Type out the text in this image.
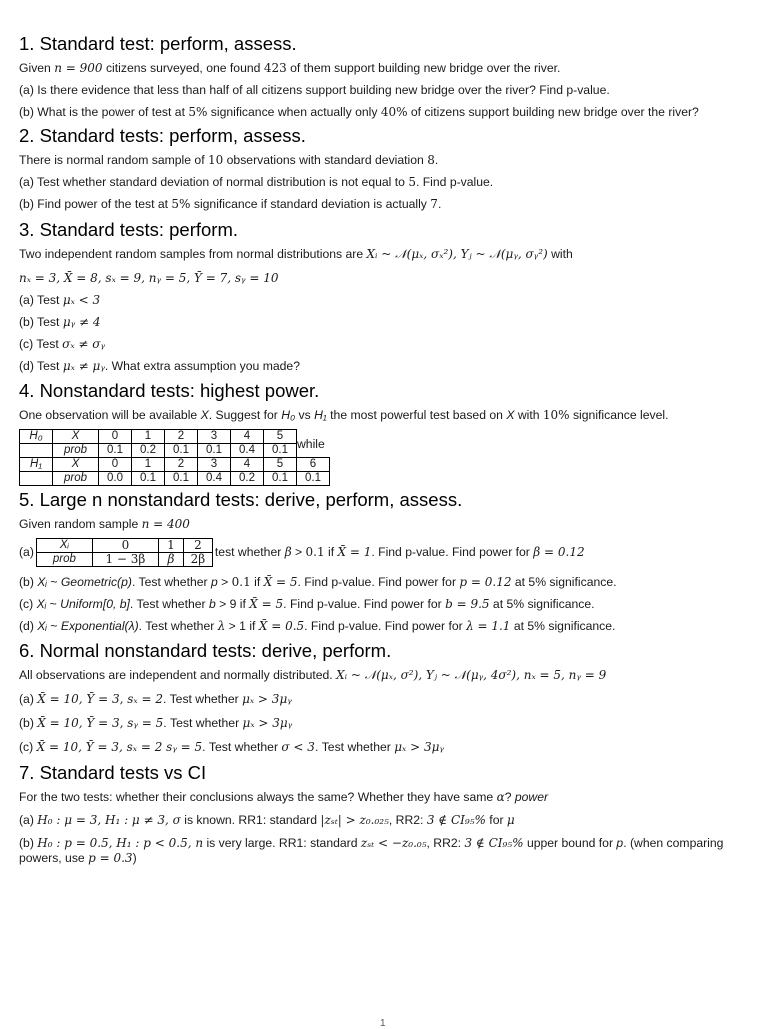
1. Standard test: perform, assess.
Given n = 900 citizens surveyed, one found 423 of them support building new bridge over the river.
(a) Is there evidence that less than half of all citizens support building new bridge over the river? Find p-value.
(b) What is the power of test at 5% significance when actually only 40% of citizens support building new bridge over the river?
2. Standard tests: perform, assess.
There is normal random sample of 10 observations with standard deviation 8.
(a) Test whether standard deviation of normal distribution is not equal to 5. Find p-value.
(b) Find power of the test at 5% significance if standard deviation is actually 7.
3. Standard tests: perform.
Two independent random samples from normal distributions are Xᵢ ~ 𝒩(μₓ, σₓ²), Yⱼ ~ 𝒩(μᵧ, σᵧ²) with
nₓ = 3, X̄ = 8, sₓ = 9, nᵧ = 5, Ȳ = 7, sᵧ = 10
(a) Test μₓ < 3
(b) Test μᵧ ≠ 4
(c) Test σₓ ≠ σᵧ
(d) Test μₓ ≠ μᵧ. What extra assumption you made?
4. Nonstandard tests: highest power.
One observation will be available X. Suggest for H₀ vs H₁ the most powerful test based on X with 10% significance level.
H₀	X	0	1	2	3	4	5
	prob	0.1	0.2	0.1	0.1	0.4	0.1
H₁	X	0	1	2	3	4	5	6
	prob	0.0	0.1	0.1	0.4	0.2	0.1	0.1
while
5. Large n nonstandard tests: derive, perform, assess.
Given random sample n = 400
(a) Xᵢ	0	1	2
prob	1 − 3β	β	2β test whether β > 0.1 if X̄ = 1. Find p-value. Find power for β = 0.12
(b) Xᵢ ~ Geometric(p). Test whether p > 0.1 if X̄ = 5. Find p-value. Find power for p = 0.12 at 5% significance.
(c) Xᵢ ~ Uniform[0, b]. Test whether b > 9 if X̄ = 5. Find p-value. Find power for b = 9.5 at 5% significance.
(d) Xᵢ ~ Exponential(λ). Test whether λ > 1 if X̄ = 0.5. Find p-value. Find power for λ = 1.1 at 5% significance.
6. Normal nonstandard tests: derive, perform.
All observations are independent and normally distributed. Xᵢ ~ 𝒩(μₓ, σ²), Yⱼ ~ 𝒩(μᵧ, 4σ²), nₓ = 5, nᵧ = 9
(a) X̄ = 10, Ȳ = 3, sₓ = 2. Test whether μₓ > 3μᵧ
(b) X̄ = 10, Ȳ = 3, sᵧ = 5. Test whether μₓ > 3μᵧ
(c) X̄ = 10, Ȳ = 3, sₓ = 2 sᵧ = 5. Test whether σ < 3. Test whether μₓ > 3μᵧ
7. Standard tests vs CI
For the two tests: whether their conclusions always the same? Whether they have same α? power
(a) H₀ : μ = 3, H₁ : μ ≠ 3, σ is known. RR1: standard |zₛₜ| > z₀.₀₂₅, RR2: 3 ∉ CI₉₅% for μ
(b) H₀ : p = 0.5, H₁ : p < 0.5, n is very large. RR1: standard zₛₜ < −z₀.₀₅, RR2: 3 ∉ CI₉₅% upper bound for p. (when comparing powers, use p = 0.3)
1
